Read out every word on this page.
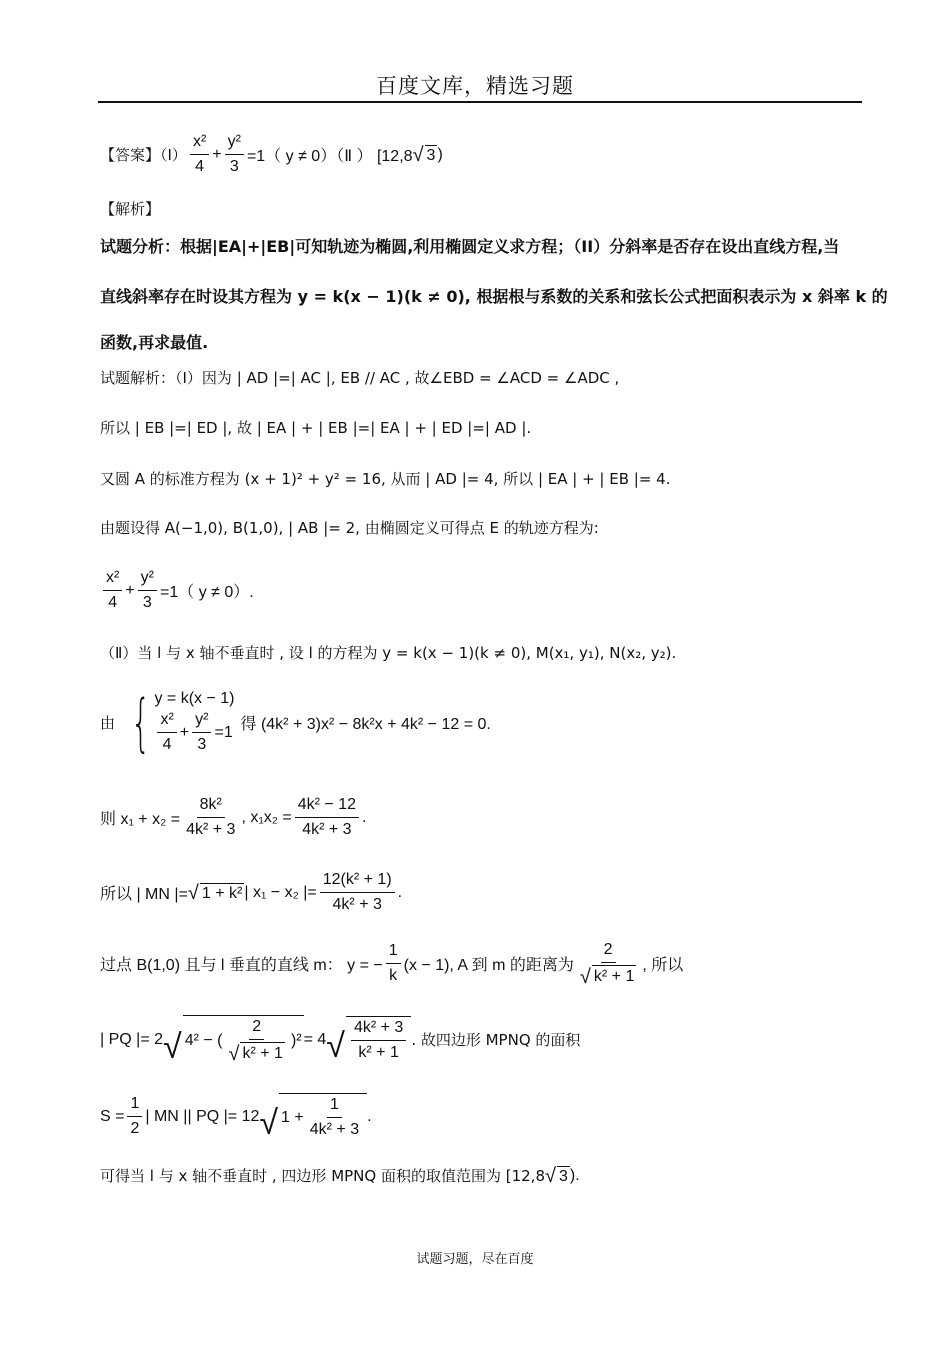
百度文库，精选习题
【答案】（Ⅰ） $\frac{\text{x²}}{4} + \frac{\text{y²}}{3} =1$（ y ≠ 0）（Ⅱ ） [12,8 √ 3 )
【解析】
试题分析：根据|EA|+|EB|可知轨迹为椭圆,利用椭圆定义求方程；（II）分斜率是否存在设出直线方程,当
直线斜率存在时设其方程为 y = k(x − 1)(k ≠ 0), 根据根与系数的关系和弦长公式把面积表示为 x 斜率 k 的
函数,再求最值.
试题解析：（Ⅰ）因为 | AD |=| AC |, EB // AC , 故∠EBD = ∠ACD = ∠ADC ,
所以 | EB |=| ED |, 故 | EA | + | EB |=| EA | + | ED |=| AD |.
又圆 A 的标准方程为 (x + 1)² + y² = 16, 从而 | AD |= 4, 所以 | EA | + | EB |= 4.
由题设得 A(−1,0), B(1,0), | AB |= 2, 由椭圆定义可得点 E 的轨迹方程为:
$\frac{\text{x²}}{4} + \frac{\text{y²}}{3} =1$（ y ≠ 0）.
（Ⅱ）当 l 与 x 轴不垂直时 , 设 l 的方程为 y = k(x − 1)(k ≠ 0), M(x₁, y₁), N(x₂, y₂).
由 { y = k(x − 1)
$\frac{\text{x²}}{4} + \frac{\text{y²}}{3} =1$ 得 (4k² + 3)x² − 8k²x + 4k² − 12 = 0.
则 $x_1 + x_2 = \frac{\text{8k²}}{\text{4k² + 3}}$ , $x_1x_2 = \frac{\text{4k² − 12}}{\text{4k² + 3}}$ .
所以 | MN |= √ 1 + k² | x₁ − x₂ |= $\frac{\text{12(k² + 1)}}{\text{4k² + 3}}$ .
过点 B(1,0) 且与 l 垂直的直线 m： y = − $\frac{1}{k} (x - 1)$, A 到 m 的距离为 $\frac{2}{\text{√ k² + 1}}$ , 所以
| PQ |= 2 √ 4² − ( $\frac{2}{\text{√ k² + 1}} )^2 = 4$ √ $\frac{\text{4k² + 3}}{\text{k² + 1}}$ . 故四边形 MPNQ 的面积
$S = \frac{1}{2}$ | MN || PQ |= 12 √ $1 + \frac{1}{\text{4k² + 3}}$ .
可得当 l 与 x 轴不垂直时 , 四边形 MPNQ 面积的取值范围为 [12,8 √ 3 ).
试题习题，尽在百度
